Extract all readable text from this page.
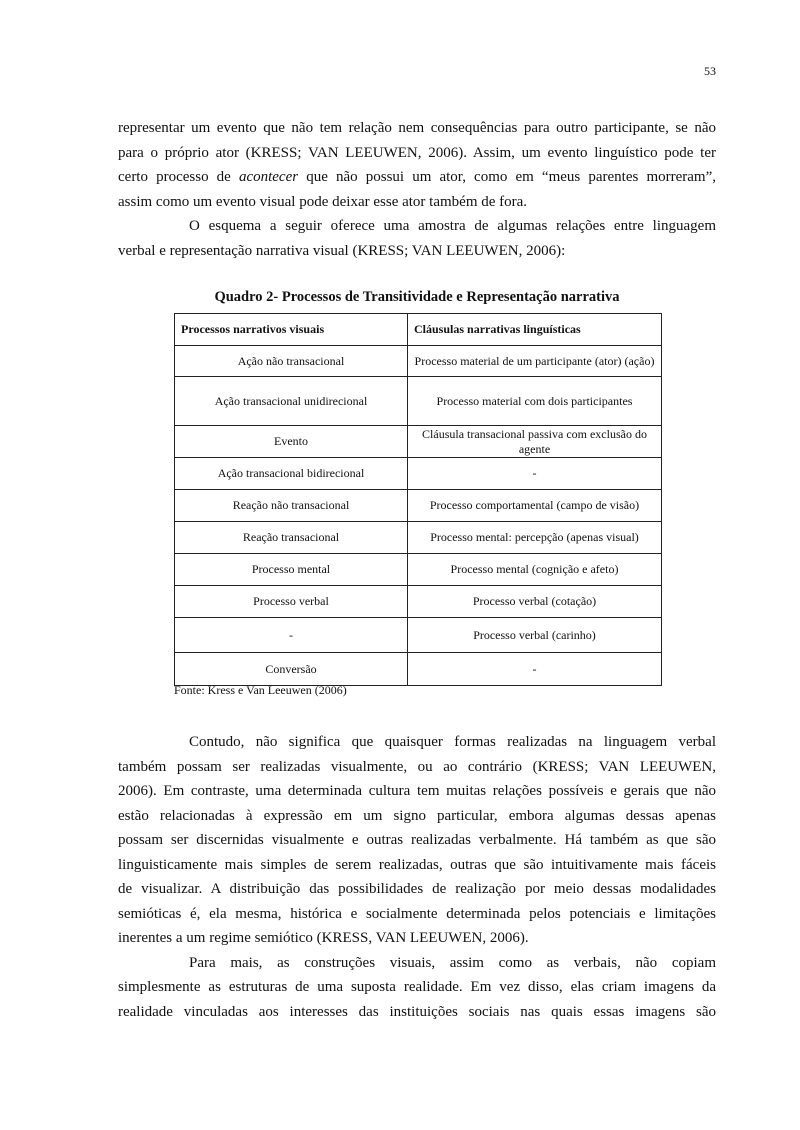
53
representar um evento que não tem relação nem consequências para outro participante, se não
para o próprio ator (KRESS; VAN LEEUWEN, 2006). Assim, um evento linguístico pode ter
certo processo de acontecer que não possui um ator, como em “meus parentes morreram”,
assim como um evento visual pode deixar esse ator também de fora.
O esquema a seguir oferece uma amostra de algumas relações entre linguagem
verbal e representação narrativa visual (KRESS; VAN LEEUWEN, 2006):
Quadro 2- Processos de Transitividade e Representação narrativa
Processos narrativos visuais	Cláusulas narrativas linguísticas
Ação não transacional	Processo material de um participante (ator) (ação)
Ação transacional unidirecional	Processo material com dois participantes
Evento	Cláusula transacional passiva com exclusão do agente
Ação transacional bidirecional	-
Reação não transacional	Processo comportamental (campo de visão)
Reação transacional	Processo mental: percepção (apenas visual)
Processo mental	Processo mental (cognição e afeto)
Processo verbal	Processo verbal (cotação)
-	Processo verbal (carinho)
Conversão	-
Fonte: Kress e Van Leeuwen (2006)
Contudo, não significa que quaisquer formas realizadas na linguagem verbal
também possam ser realizadas visualmente, ou ao contrário (KRESS; VAN LEEUWEN,
2006). Em contraste, uma determinada cultura tem muitas relações possíveis e gerais que não
estão relacionadas à expressão em um signo particular, embora algumas dessas apenas
possam ser discernidas visualmente e outras realizadas verbalmente. Há também as que são
linguisticamente mais simples de serem realizadas, outras que são intuitivamente mais fáceis
de visualizar. A distribuição das possibilidades de realização por meio dessas modalidades
semióticas é, ela mesma, histórica e socialmente determinada pelos potenciais e limitações
inerentes a um regime semiótico (KRESS, VAN LEEUWEN, 2006).
Para mais, as construções visuais, assim como as verbais, não copiam
simplesmente as estruturas de uma suposta realidade. Em vez disso, elas criam imagens da
realidade vinculadas aos interesses das instituições sociais nas quais essas imagens são
